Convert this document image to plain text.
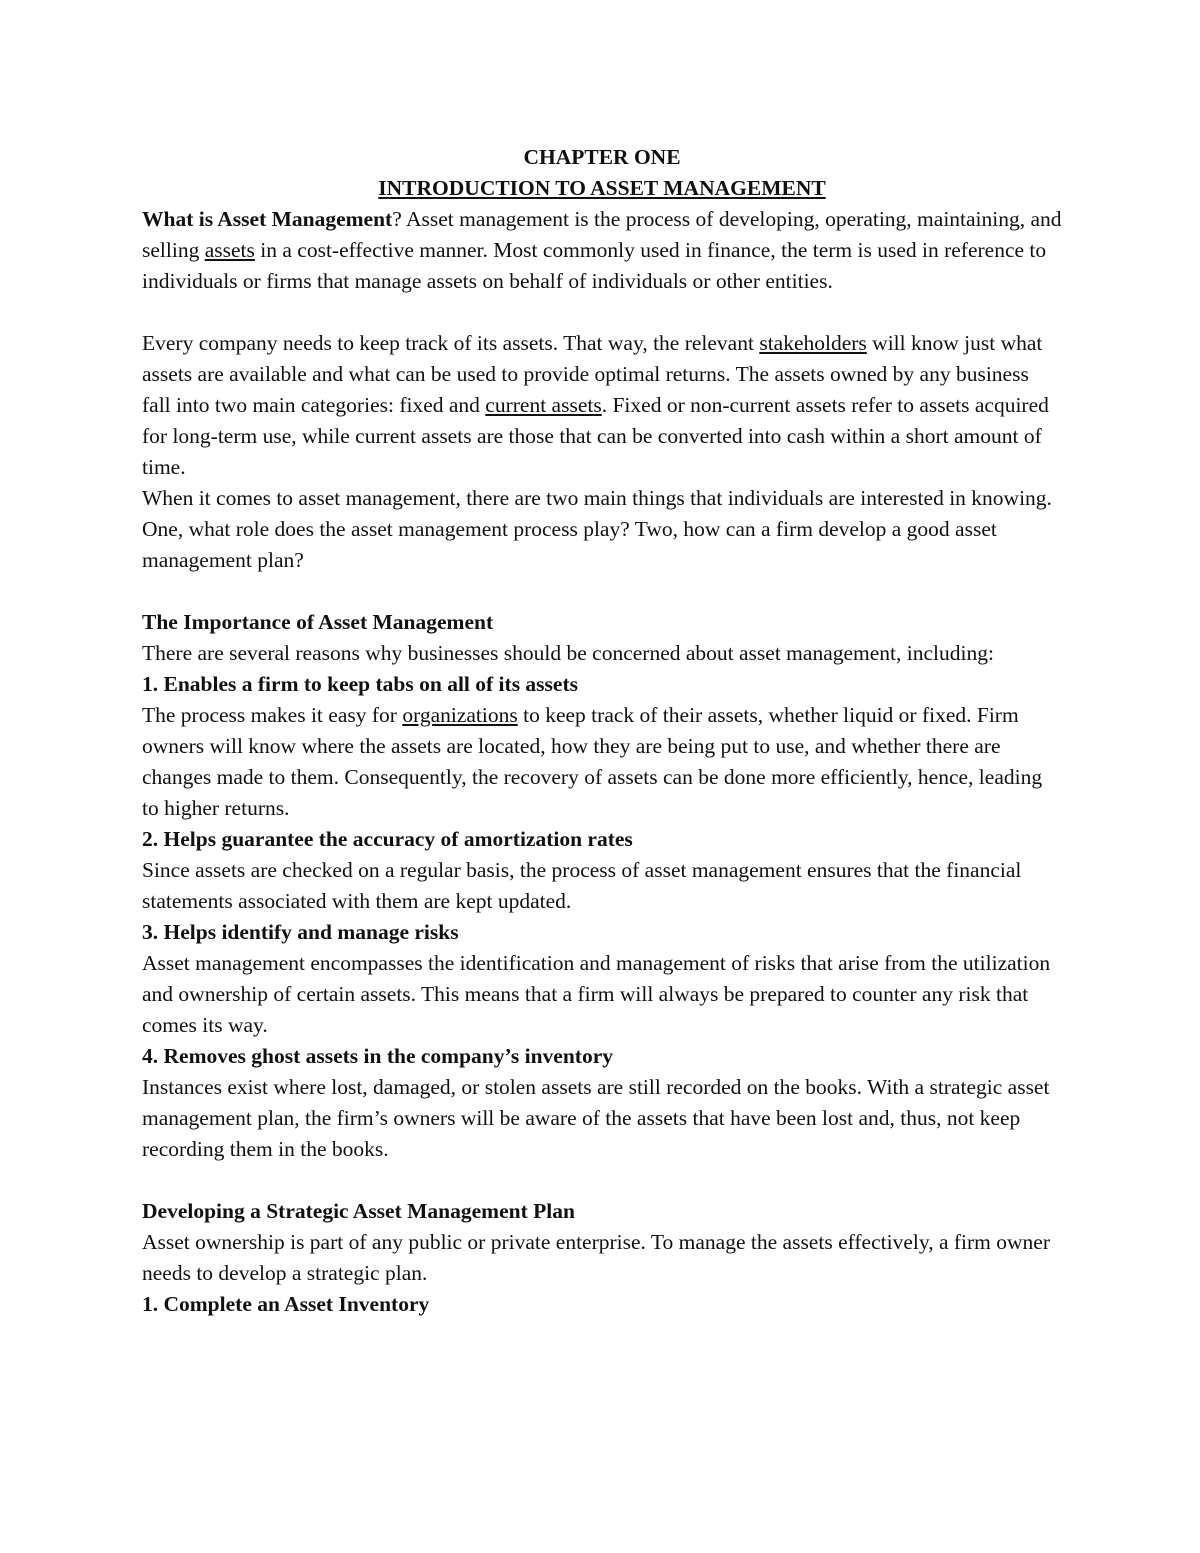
CHAPTER ONE

INTRODUCTION TO ASSET MANAGEMENT

What is Asset Management? Asset management is the process of developing, operating, maintaining, and selling assets in a cost-effective manner. Most commonly used in finance, the term is used in reference to individuals or firms that manage assets on behalf of individuals or other entities.

Every company needs to keep track of its assets. That way, the relevant stakeholders will know just what assets are available and what can be used to provide optimal returns. The assets owned by any business fall into two main categories: fixed and current assets. Fixed or non-current assets refer to assets acquired for long-term use, while current assets are those that can be converted into cash within a short amount of time.

When it comes to asset management, there are two main things that individuals are interested in knowing. One, what role does the asset management process play? Two, how can a firm develop a good asset management plan?

The Importance of Asset Management

There are several reasons why businesses should be concerned about asset management, including:

1. Enables a firm to keep tabs on all of its assets

The process makes it easy for organizations to keep track of their assets, whether liquid or fixed. Firm owners will know where the assets are located, how they are being put to use, and whether there are changes made to them. Consequently, the recovery of assets can be done more efficiently, hence, leading to higher returns.

2. Helps guarantee the accuracy of amortization rates

Since assets are checked on a regular basis, the process of asset management ensures that the financial statements associated with them are kept updated.

3. Helps identify and manage risks

Asset management encompasses the identification and management of risks that arise from the utilization and ownership of certain assets. This means that a firm will always be prepared to counter any risk that comes its way.

4. Removes ghost assets in the company’s inventory

Instances exist where lost, damaged, or stolen assets are still recorded on the books. With a strategic asset management plan, the firm’s owners will be aware of the assets that have been lost and, thus, not keep recording them in the books.

Developing a Strategic Asset Management Plan

Asset ownership is part of any public or private enterprise. To manage the assets effectively, a firm owner needs to develop a strategic plan.

1. Complete an Asset Inventory
